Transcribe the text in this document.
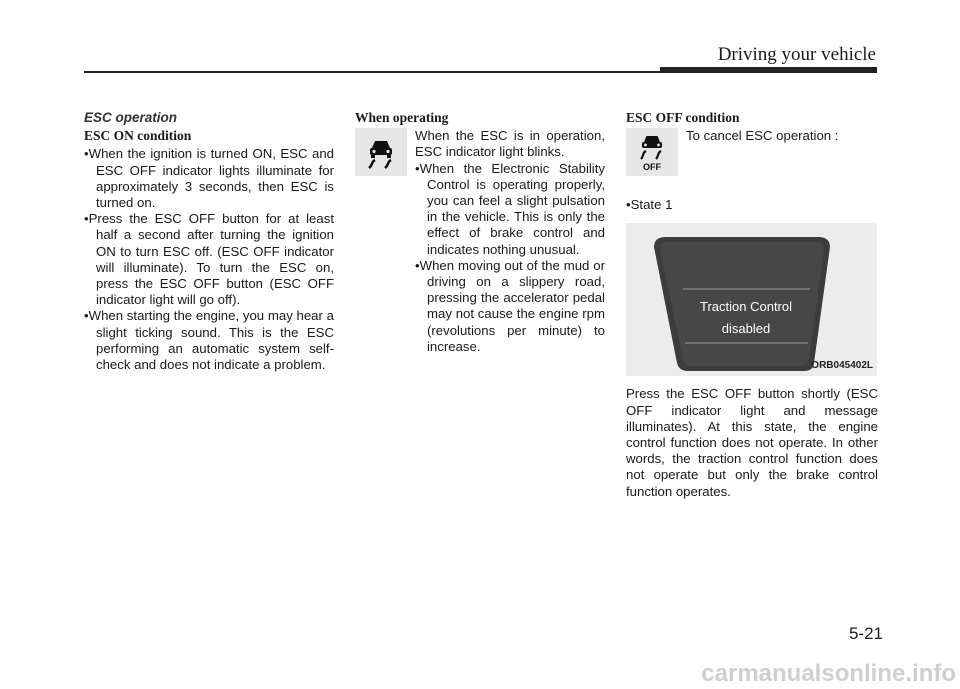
Driving your vehicle
ESC operation
ESC ON condition

• When the ignition is turned ON, ESC and ESC OFF indicator lights illuminate for approximately 3 seconds, then ESC is turned on.

• Press the ESC OFF button for at least half a second after turning the ignition ON to turn ESC off. (ESC OFF indicator will illuminate). To turn the ESC on, press the ESC OFF button (ESC OFF indicator light will go off).

• When starting the engine, you may hear a slight ticking sound. This is the ESC performing an automatic system self-check and does not indicate a problem.

When operating

When the ESC is in operation, ESC indicator light blinks.

• When the Electronic Stability Control is operating properly, you can feel a slight pulsation in the vehicle. This is only the effect of brake control and indicates nothing unusual.

• When moving out of the mud or driving on a slippery road, pressing the accelerator pedal may not cause the engine rpm (revolutions per minute) to increase.

ESC OFF condition
OFF

To cancel ESC operation :

• State 1

Traction Control
disabled
ORB045402L

Press the ESC OFF button shortly (ESC OFF indicator light and message illuminates). At this state, the engine control function does not operate. In other words, the traction control function does not operate but only the brake control function operates.

5-21
carmanualsonline.info
